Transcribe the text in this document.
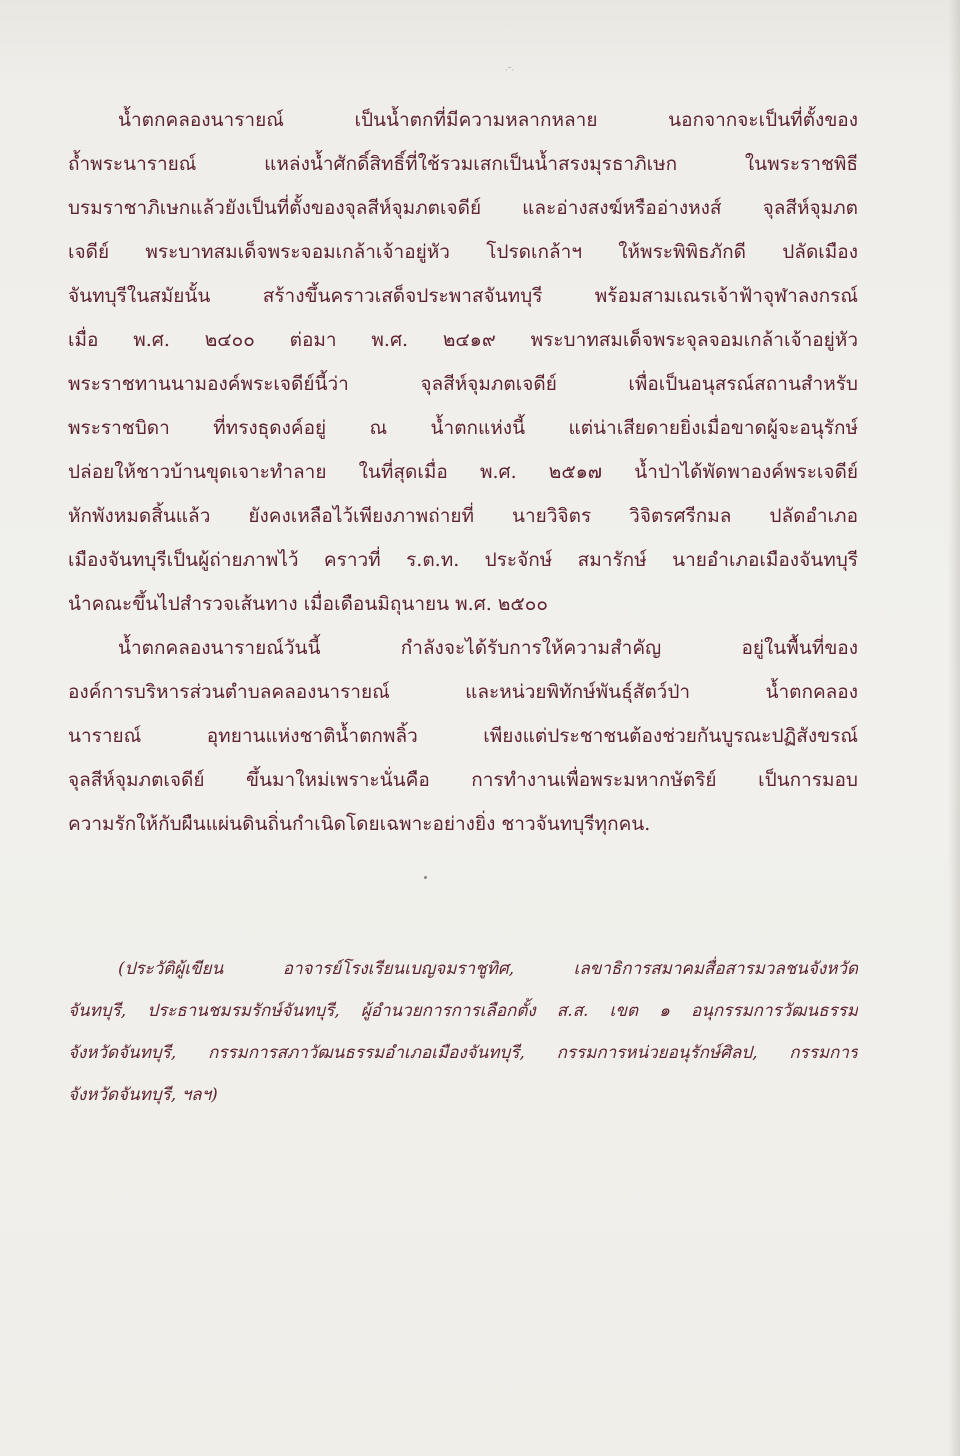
·˜·
น้ำตกคลองนารายณ์ เป็นน้ำตกที่มีความหลากหลาย นอกจากจะเป็นที่ตั้งของ
ถ้ำพระนารายณ์ แหล่งน้ำศักดิ์สิทธิ์ที่ใช้รวมเสกเป็นน้ำสรงมุรธาภิเษก ในพระราชพิธี
บรมราชาภิเษกแล้วยังเป็นที่ตั้งของจุลสีห์จุมภตเจดีย์ และอ่างสงฆ์หรืออ่างหงส์ จุลสีห์จุมภต
เจดีย์ พระบาทสมเด็จพระจอมเกล้าเจ้าอยู่หัว โปรดเกล้าฯ ให้พระพิพิธภักดี ปลัดเมือง
จันทบุรีในสมัยนั้น สร้างขึ้นคราวเสด็จประพาสจันทบุรี พร้อมสามเณรเจ้าฟ้าจุฬาลงกรณ์
เมื่อ พ.ศ. ๒๔๐๐ ต่อมา พ.ศ. ๒๔๑๙ พระบาทสมเด็จพระจุลจอมเกล้าเจ้าอยู่หัว
พระราชทานนามองค์พระเจดีย์นี้ว่า จุลสีห์จุมภตเจดีย์ เพื่อเป็นอนุสรณ์สถานสำหรับ
พระราชบิดา ที่ทรงธุดงค์อยู่ ณ น้ำตกแห่งนี้ แต่น่าเสียดายยิ่งเมื่อขาดผู้จะอนุรักษ์
ปล่อยให้ชาวบ้านขุดเจาะทำลาย ในที่สุดเมื่อ พ.ศ. ๒๕๑๗ น้ำป่าได้พัดพาองค์พระเจดีย์
หักพังหมดสิ้นแล้ว ยังคงเหลือไว้เพียงภาพถ่ายที่ นายวิจิตร วิจิตรศรีกมล ปลัดอำเภอ
เมืองจันทบุรีเป็นผู้ถ่ายภาพไว้ คราวที่ ร.ต.ท. ประจักษ์ สมารักษ์ นายอำเภอเมืองจันทบุรี
นำคณะขึ้นไปสำรวจเส้นทาง เมื่อเดือนมิถุนายน พ.ศ. ๒๕๐๐
น้ำตกคลองนารายณ์วันนี้ กำลังจะได้รับการให้ความสำคัญ อยู่ในพื้นที่ของ
องค์การบริหารส่วนตำบลคลองนารายณ์ และหน่วยพิทักษ์พันธุ์สัตว์ป่า น้ำตกคลอง
นารายณ์ อุทยานแห่งชาติน้ำตกพลิ้ว เพียงแต่ประชาชนต้องช่วยกันบูรณะปฏิสังขรณ์
จุลสีห์จุมภตเจดีย์ ขึ้นมาใหม่เพราะนั่นคือ การทำงานเพื่อพระมหากษัตริย์ เป็นการมอบ
ความรักให้กับผืนแผ่นดินถิ่นกำเนิดโดยเฉพาะอย่างยิ่ง ชาวจันทบุรีทุกคน.
(ประวัติผู้เขียน อาจารย์โรงเรียนเบญจมราชูทิศ, เลขาธิการสมาคมสื่อสารมวลชนจังหวัด
จันทบุรี, ประธานชมรมรักษ์จันทบุรี, ผู้อำนวยการการเลือกตั้ง ส.ส. เขต ๑ อนุกรรมการวัฒนธรรม
จังหวัดจันทบุรี, กรรมการสภาวัฒนธรรมอำเภอเมืองจันทบุรี, กรรมการหน่วยอนุรักษ์ศิลป, กรรมการ
จังหวัดจันทบุรี, ฯลฯ)
